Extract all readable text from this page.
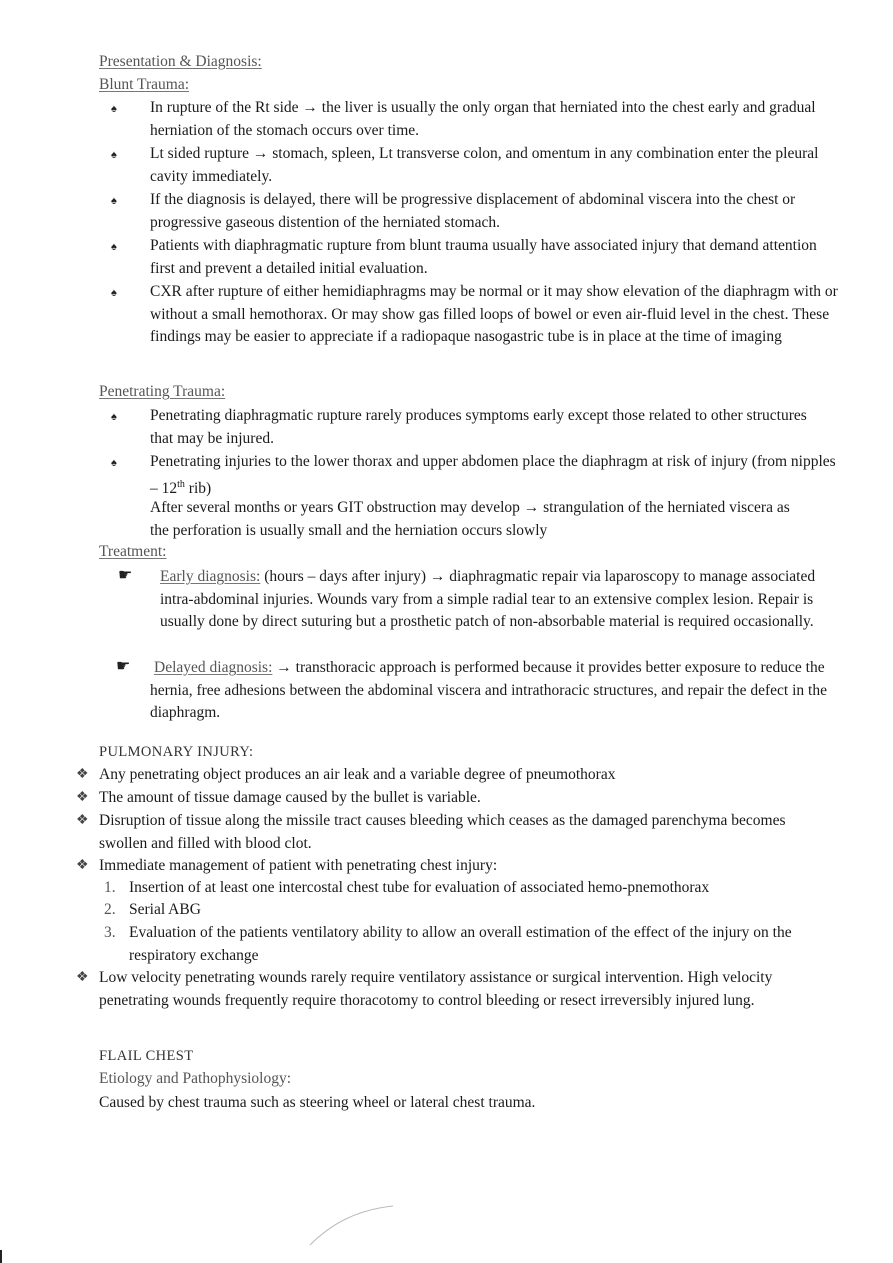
Presentation & Diagnosis:
Blunt Trauma:
♠ In rupture of the Rt side → the liver is usually the only organ that herniated into the chest early and gradual herniation of the stomach occurs over time.
♠ Lt sided rupture → stomach, spleen, Lt transverse colon, and omentum in any combination enter the pleural cavity immediately.
♠ If the diagnosis is delayed, there will be progressive displacement of abdominal viscera into the chest or progressive gaseous distention of the herniated stomach.
♠ Patients with diaphragmatic rupture from blunt trauma usually have associated injury that demand attention first and prevent a detailed initial evaluation.
♠ CXR after rupture of either hemidiaphragms may be normal or it may show elevation of the diaphragm with or without a small hemothorax. Or may show gas filled loops of bowel or even air-fluid level in the chest. These findings may be easier to appreciate if a radiopaque nasogastric tube is in place at the time of imaging
Penetrating Trauma:
♠ Penetrating diaphragmatic rupture rarely produces symptoms early except those related to other structures that may be injured.
♠ Penetrating injuries to the lower thorax and upper abdomen place the diaphragm at risk of injury (from nipples – 12th rib)
After several months or years GIT obstruction may develop → strangulation of the herniated viscera as the perforation is usually small and the herniation occurs slowly
Treatment:
☛ Early diagnosis: (hours – days after injury) → diaphragmatic repair via laparoscopy to manage associated intra-abdominal injuries. Wounds vary from a simple radial tear to an extensive complex lesion. Repair is usually done by direct suturing but a prosthetic patch of non-absorbable material is required occasionally.
☛ Delayed diagnosis: → transthoracic approach is performed because it provides better exposure to reduce the hernia, free adhesions between the abdominal viscera and intrathoracic structures, and repair the defect in the diaphragm.
PULMONARY INJURY:
❖ Any penetrating object produces an air leak and a variable degree of pneumothorax
❖ The amount of tissue damage caused by the bullet is variable.
❖ Disruption of tissue along the missile tract causes bleeding which ceases as the damaged parenchyma becomes swollen and filled with blood clot.
❖ Immediate management of patient with penetrating chest injury:
1. Insertion of at least one intercostal chest tube for evaluation of associated hemo-pnemothorax
2. Serial ABG
3. Evaluation of the patients ventilatory ability to allow an overall estimation of the effect of the injury on the respiratory exchange
❖ Low velocity penetrating wounds rarely require ventilatory assistance or surgical intervention. High velocity penetrating wounds frequently require thoracotomy to control bleeding or resect irreversibly injured lung.
FLAIL CHEST
Etiology and Pathophysiology:
Caused by chest trauma such as steering wheel or lateral chest trauma.
